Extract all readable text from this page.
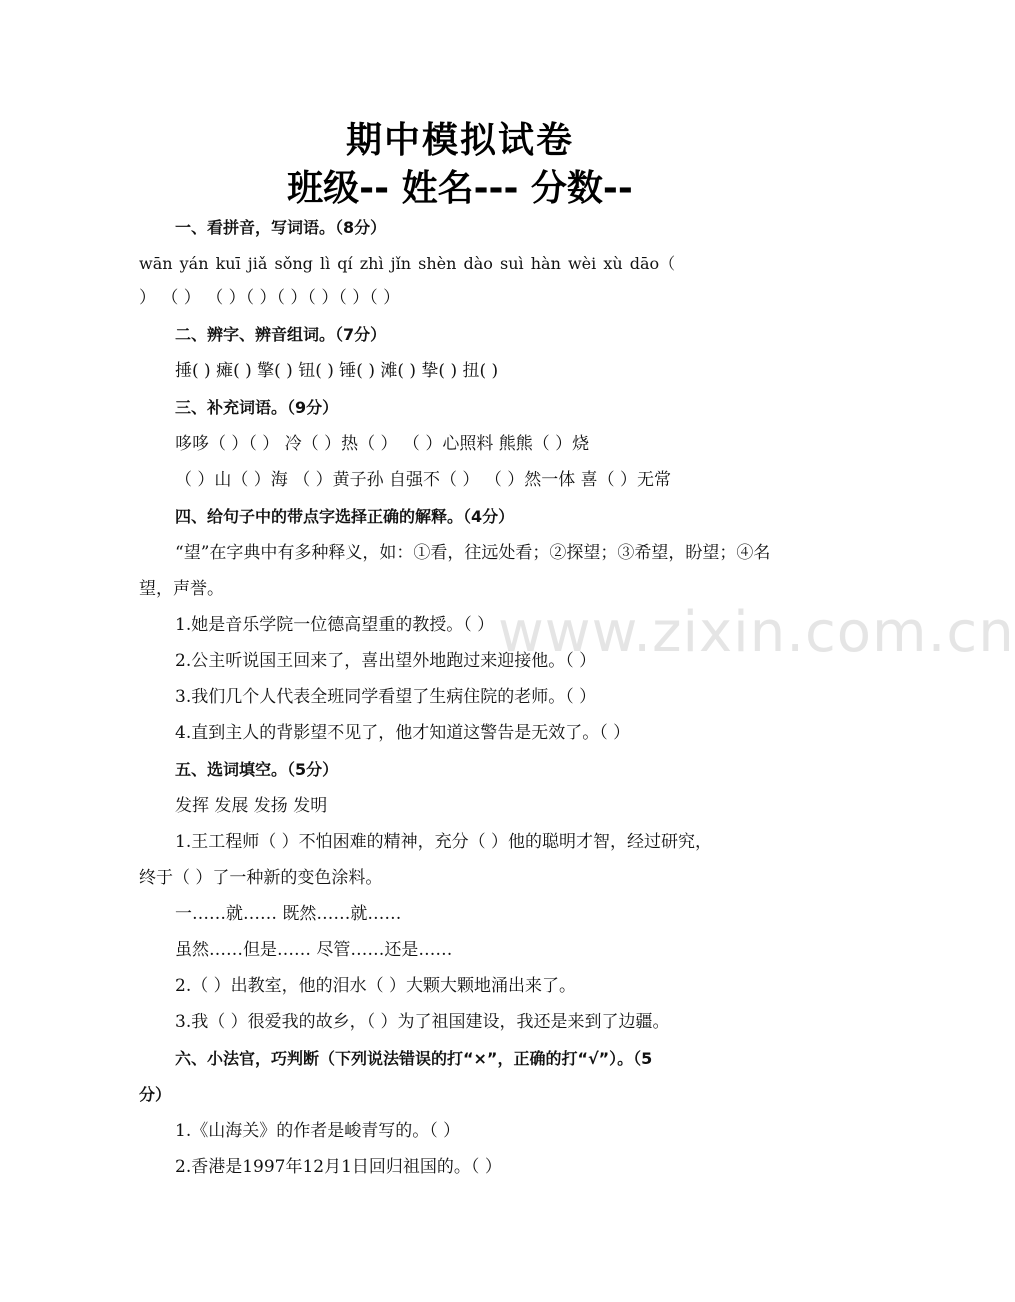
期中模拟试卷
班级-- 姓名--- 分数--
一、看拼音，写词语。（8分）
wān yán kuī jiǎ sǒng lì qí zhì jǐn shèn dào suì hàn wèi xù dāo（
） （ ） （ ）（ ）（ ）（ ）（ ）（ ）
二、辨字、辨音组词。（7分）
捶( ) 瘫( ) 擎( ) 钮( ) 锤( ) 滩( ) 挚( ) 扭( )
三、补充词语。（9分）
哆哆（ ）（ ） 冷（ ）热（ ） （ ）心照料 熊熊（ ）烧
（ ）山（ ）海 （ ）黄子孙 自强不（ ） （ ）然一体 喜（ ）无常
四、给句子中的带点字选择正确的解释。（4分）
“望”在字典中有多种释义，如：①看，往远处看；②探望；③希望，盼望；④名
望，声誉。
1.她是音乐学院一位德高望重的教授。（ ）
2.公主听说国王回来了，喜出望外地跑过来迎接他。（ ）
3.我们几个人代表全班同学看望了生病住院的老师。（ ）
4.直到主人的背影望不见了，他才知道这警告是无效了。（ ）
五、选词填空。（5分）
发挥 发展 发扬 发明
1.王工程师（ ）不怕困难的精神，充分（ ）他的聪明才智，经过研究，
终于（ ）了一种新的变色涂料。
一……就…… 既然……就……
虽然……但是…… 尽管……还是……
2.（ ）出教室，他的泪水（ ）大颗大颗地涌出来了。
3.我（ ）很爱我的故乡，（ ）为了祖国建设，我还是来到了边疆。
六、小法官，巧判断（下列说法错误的打“×”，正确的打“√”）。（5
分）
1.《山海关》的作者是峻青写的。（ ）
2.香港是1997年12月1日回归祖国的。（ ）
www.zixin.com.cn
